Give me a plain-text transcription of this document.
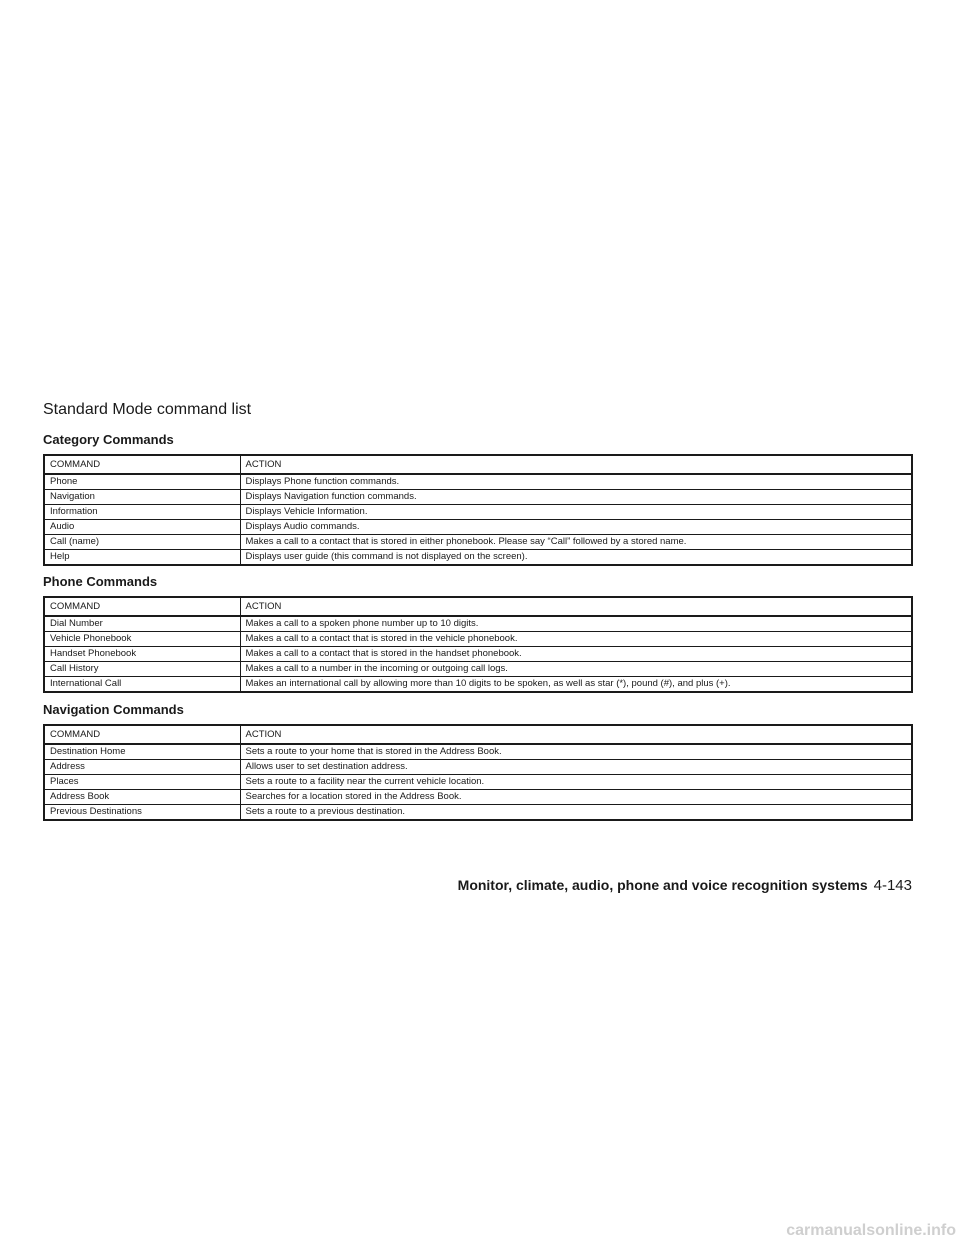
Standard Mode command list
Category Commands
COMMAND	ACTION
Phone	Displays Phone function commands.
Navigation	Displays Navigation function commands.
Information	Displays Vehicle Information.
Audio	Displays Audio commands.
Call (name)	Makes a call to a contact that is stored in either phonebook. Please say “Call” followed by a stored name.
Help	Displays user guide (this command is not displayed on the screen).
Phone Commands
COMMAND	ACTION
Dial Number	Makes a call to a spoken phone number up to 10 digits.
Vehicle Phonebook	Makes a call to a contact that is stored in the vehicle phonebook.
Handset Phonebook	Makes a call to a contact that is stored in the handset phonebook.
Call History	Makes a call to a number in the incoming or outgoing call logs.
International Call	Makes an international call by allowing more than 10 digits to be spoken, as well as star (*), pound (#), and plus (+).
Navigation Commands
COMMAND	ACTION
Destination Home	Sets a route to your home that is stored in the Address Book.
Address	Allows user to set destination address.
Places	Sets a route to a facility near the current vehicle location.
Address Book	Searches for a location stored in the Address Book.
Previous Destinations	Sets a route to a previous destination.
Monitor, climate, audio, phone and voice recognition systems 4-143
carmanualsonline.info
